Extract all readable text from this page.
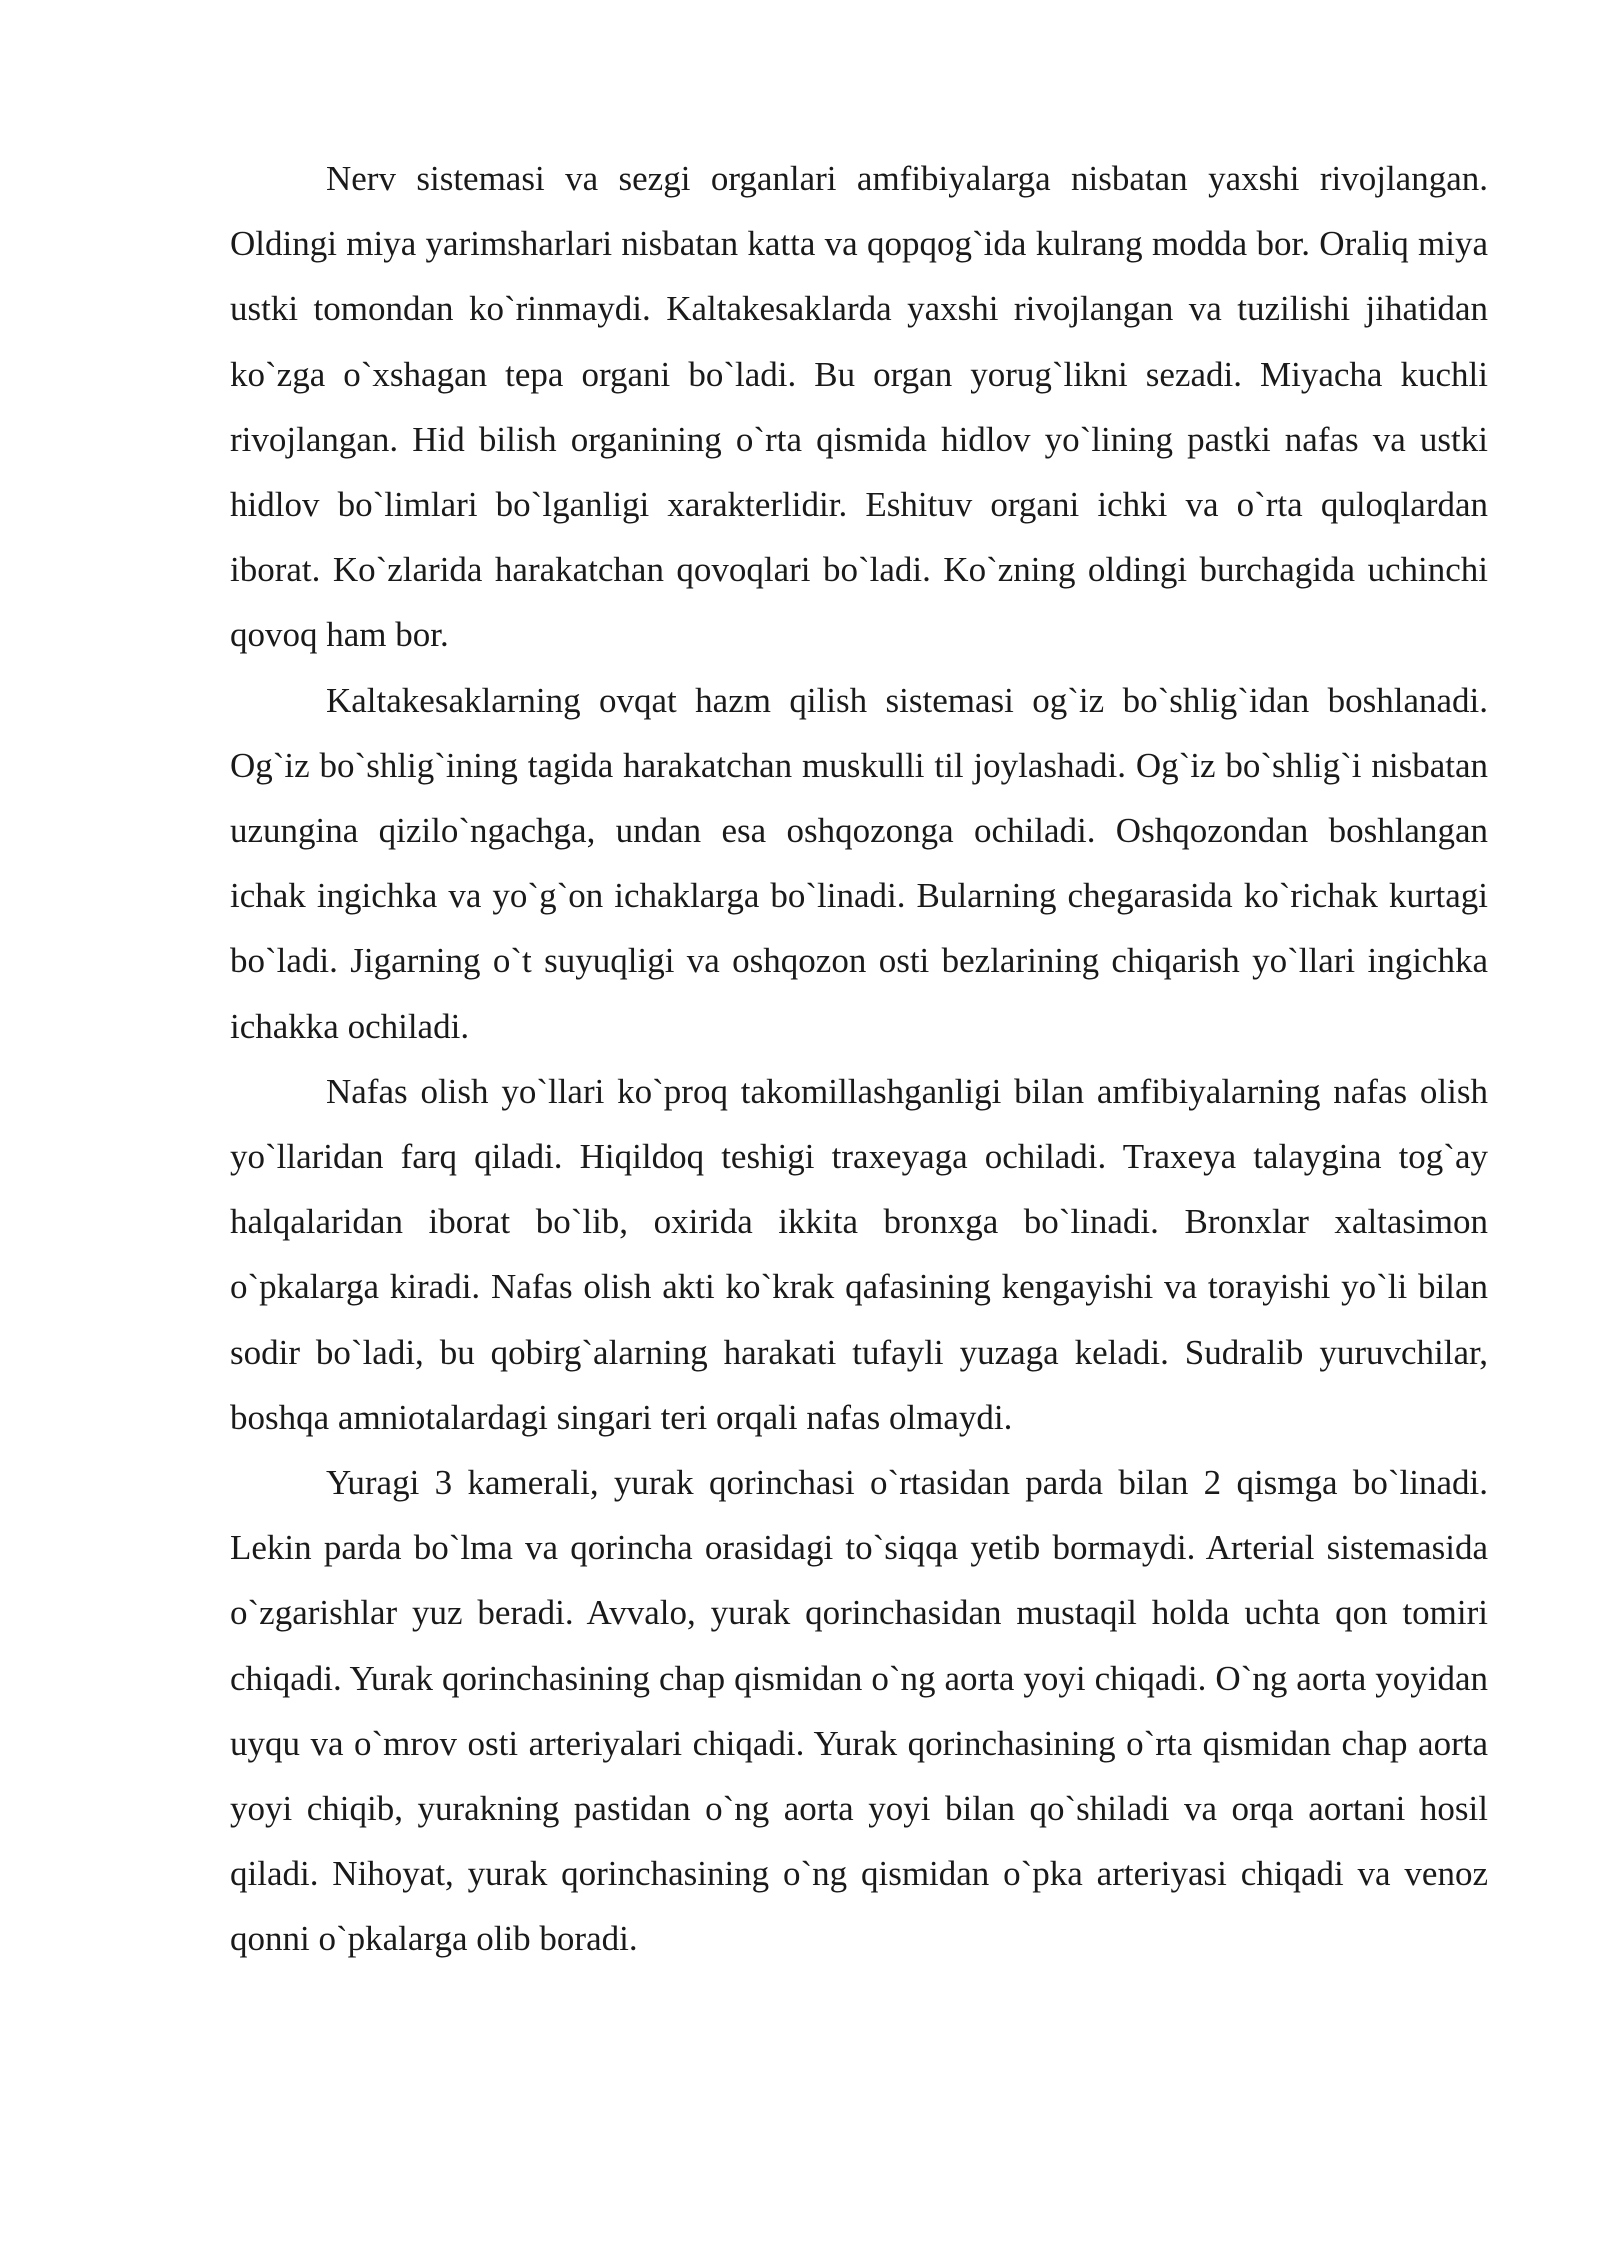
Nerv sistemasi va sezgi organlari amfibiyalarga nisbatan yaxshi rivojlangan. Oldingi miya yarimsharlari nisbatan katta va qopqog`ida kulrang modda bor. Oraliq miya ustki tomondan ko`rinmaydi. Kaltakesaklarda yaxshi rivojlangan va tuzilishi jihatidan ko`zga o`xshagan tepa organi bo`ladi. Bu organ yorug`likni sezadi. Miyacha kuchli rivojlangan. Hid bilish organining o`rta qismida hidlov yo`lining pastki nafas va ustki hidlov bo`limlari bo`lganligi xarakterlidir. Eshituv organi ichki va o`rta quloqlardan iborat. Ko`zlarida harakatchan qovoqlari bo`ladi. Ko`zning oldingi burchagida uchinchi qovoq ham bor.

Kaltakesaklarning ovqat hazm qilish sistemasi og`iz bo`shlig`idan boshlanadi. Og`iz bo`shlig`ining tagida harakatchan muskulli til joylashadi. Og`iz bo`shlig`i nisbatan uzungina qizilo`ngachga, undan esa oshqozonga ochiladi. Oshqozondan boshlangan ichak ingichka va yo`g`on ichaklarga bo`linadi. Bularning chegarasida ko`richak kurtagi bo`ladi. Jigarning o`t suyuqligi va oshqozon osti bezlarining chiqarish yo`llari ingichka ichakka ochiladi.

Nafas olish yo`llari ko`proq takomillashganligi bilan amfibiyalarning nafas olish yo`llaridan farq qiladi. Hiqildoq teshigi traxeyaga ochiladi. Traxeya talaygina tog`ay halqalaridan iborat bo`lib, oxirida ikkita bronxga bo`linadi. Bronxlar xaltasimon o`pkalarga kiradi. Nafas olish akti ko`krak qafasining kengayishi va torayishi yo`li bilan sodir bo`ladi, bu qobirg`alarning harakati tufayli yuzaga keladi. Sudralib yuruvchilar, boshqa amniotalardagi singari teri orqali nafas olmaydi.

Yuragi 3 kamerali, yurak qorinchasi o`rtasidan parda bilan 2 qismga bo`linadi. Lekin parda bo`lma va qorincha orasidagi to`siqqa yetib bormaydi. Arterial sistemasida o`zgarishlar yuz beradi. Avvalo, yurak qorinchasidan mustaqil holda uchta qon tomiri chiqadi. Yurak qorinchasining chap qismidan o`ng aorta yoyi chiqadi. O`ng aorta yoyidan uyqu va o`mrov osti arteriyalari chiqadi. Yurak qorinchasining o`rta qismidan chap aorta yoyi chiqib, yurakning pastidan o`ng aorta yoyi bilan qo`shiladi va orqa aortani hosil qiladi. Nihoyat, yurak qorinchasining o`ng qismidan o`pka arteriyasi chiqadi va venoz qonni o`pkalarga olib boradi.
